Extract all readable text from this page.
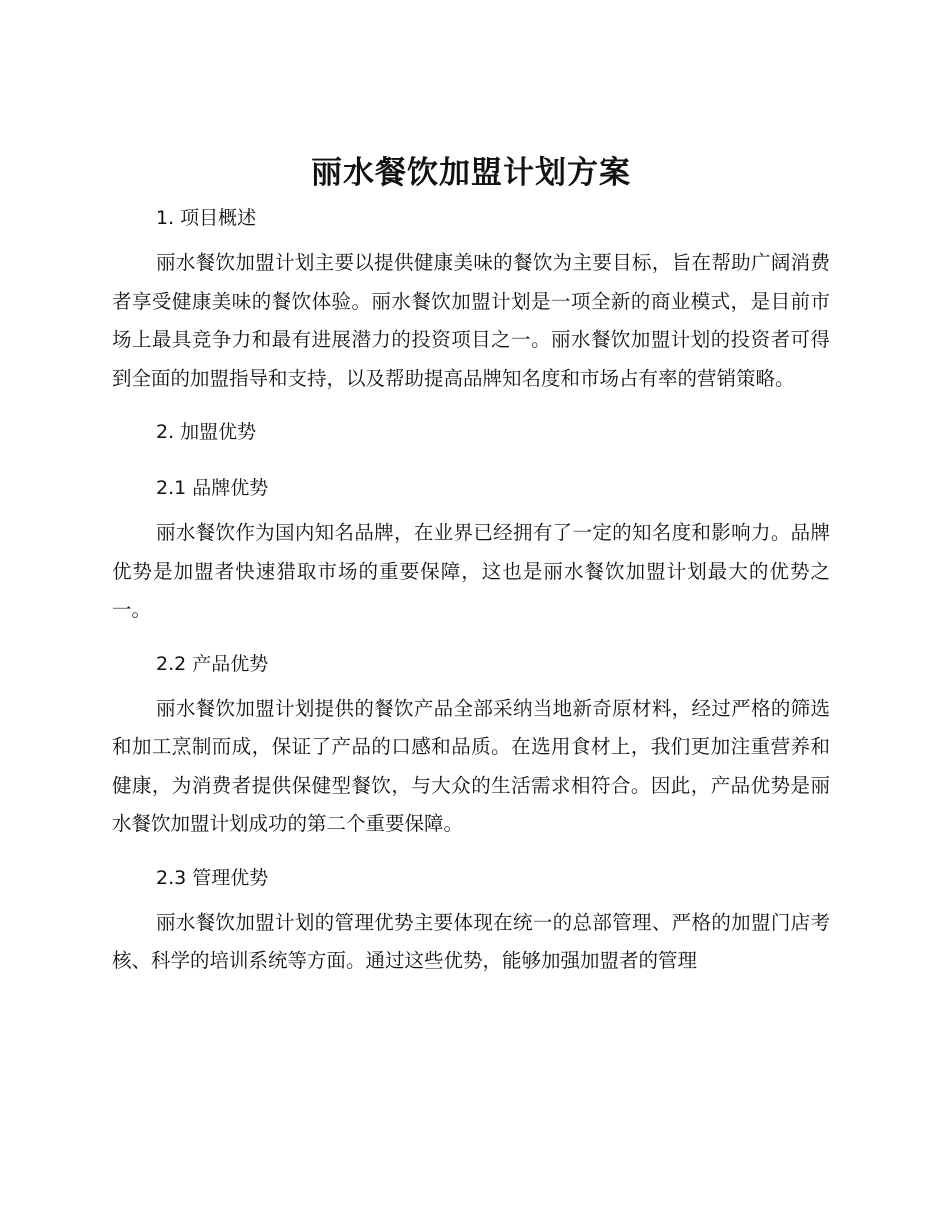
丽水餐饮加盟计划方案
1. 项目概述

丽水餐饮加盟计划主要以提供健康美味的餐饮为主要目标，旨在帮助广阔消费者享受健康美味的餐饮体验。丽水餐饮加盟计划是一项全新的商业模式，是目前市场上最具竞争力和最有进展潜力的投资项目之一。丽水餐饮加盟计划的投资者可得到全面的加盟指导和支持，以及帮助提高品牌知名度和市场占有率的营销策略。

2. 加盟优势
2.1 品牌优势

丽水餐饮作为国内知名品牌，在业界已经拥有了一定的知名度和影响力。品牌优势是加盟者快速猎取市场的重要保障，这也是丽水餐饮加盟计划最大的优势之一。

2.2 产品优势

丽水餐饮加盟计划提供的餐饮产品全部采纳当地新奇原材料，经过严格的筛选和加工烹制而成，保证了产品的口感和品质。在选用食材上，我们更加注重营养和健康，为消费者提供保健型餐饮，与大众的生活需求相符合。因此，产品优势是丽水餐饮加盟计划成功的第二个重要保障。

2.3 管理优势

丽水餐饮加盟计划的管理优势主要体现在统一的总部管理、严格的加盟门店考核、科学的培训系统等方面。通过这些优势，能够加强加盟者的管理
